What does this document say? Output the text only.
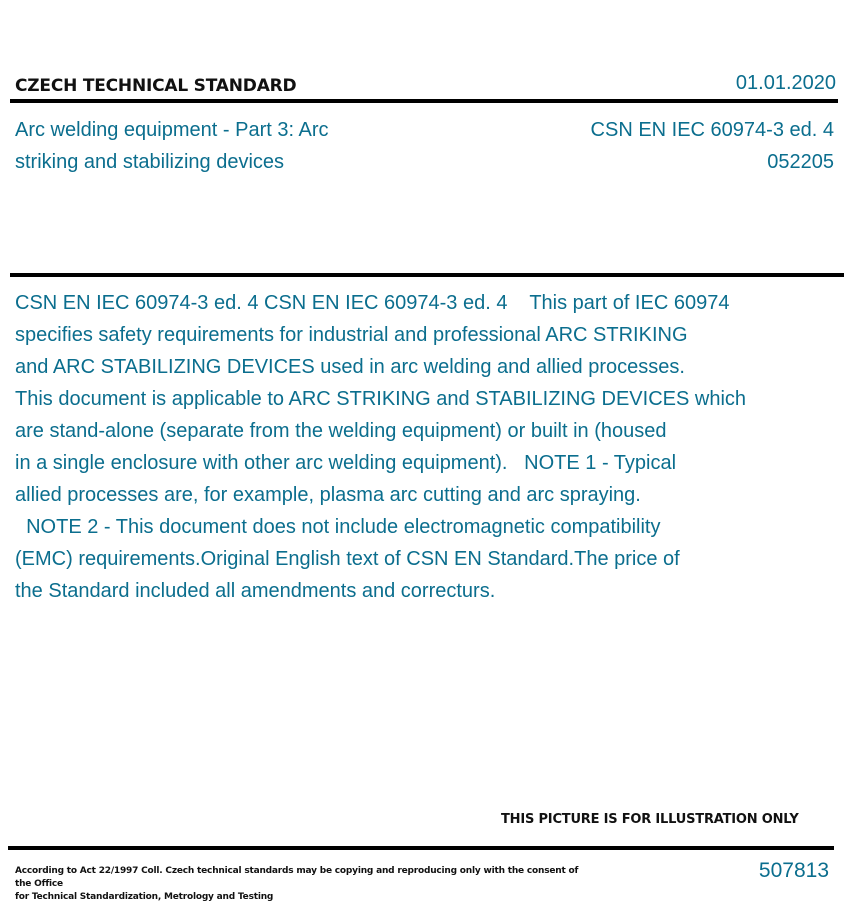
CZECH TECHNICAL STANDARD	01.01.2020
Arc welding equipment - Part 3: Arc
striking and stabilizing devices
CSN EN IEC 60974-3 ed. 4
052205
CSN EN IEC 60974-3 ed. 4 CSN EN IEC 60974-3 ed. 4    This part of IEC 60974
specifies safety requirements for industrial and professional ARC STRIKING
and ARC STABILIZING DEVICES used in arc welding and allied processes.
This document is applicable to ARC STRIKING and STABILIZING DEVICES which
are stand-alone (separate from the welding equipment) or built in (housed
in a single enclosure with other arc welding equipment).   NOTE 1 - Typical
allied processes are, for example, plasma arc cutting and arc spraying.
NOTE 2 - This document does not include electromagnetic compatibility
(EMC) requirements.Original English text of CSN EN Standard.The price of
the Standard included all amendments and correcturs.
THIS PICTURE IS FOR ILLUSTRATION ONLY
According to Act 22/1997 Coll. Czech technical standards may be copying and reproducing only with the consent of the Office
for Technical Standardization, Metrology and Testing
507813
